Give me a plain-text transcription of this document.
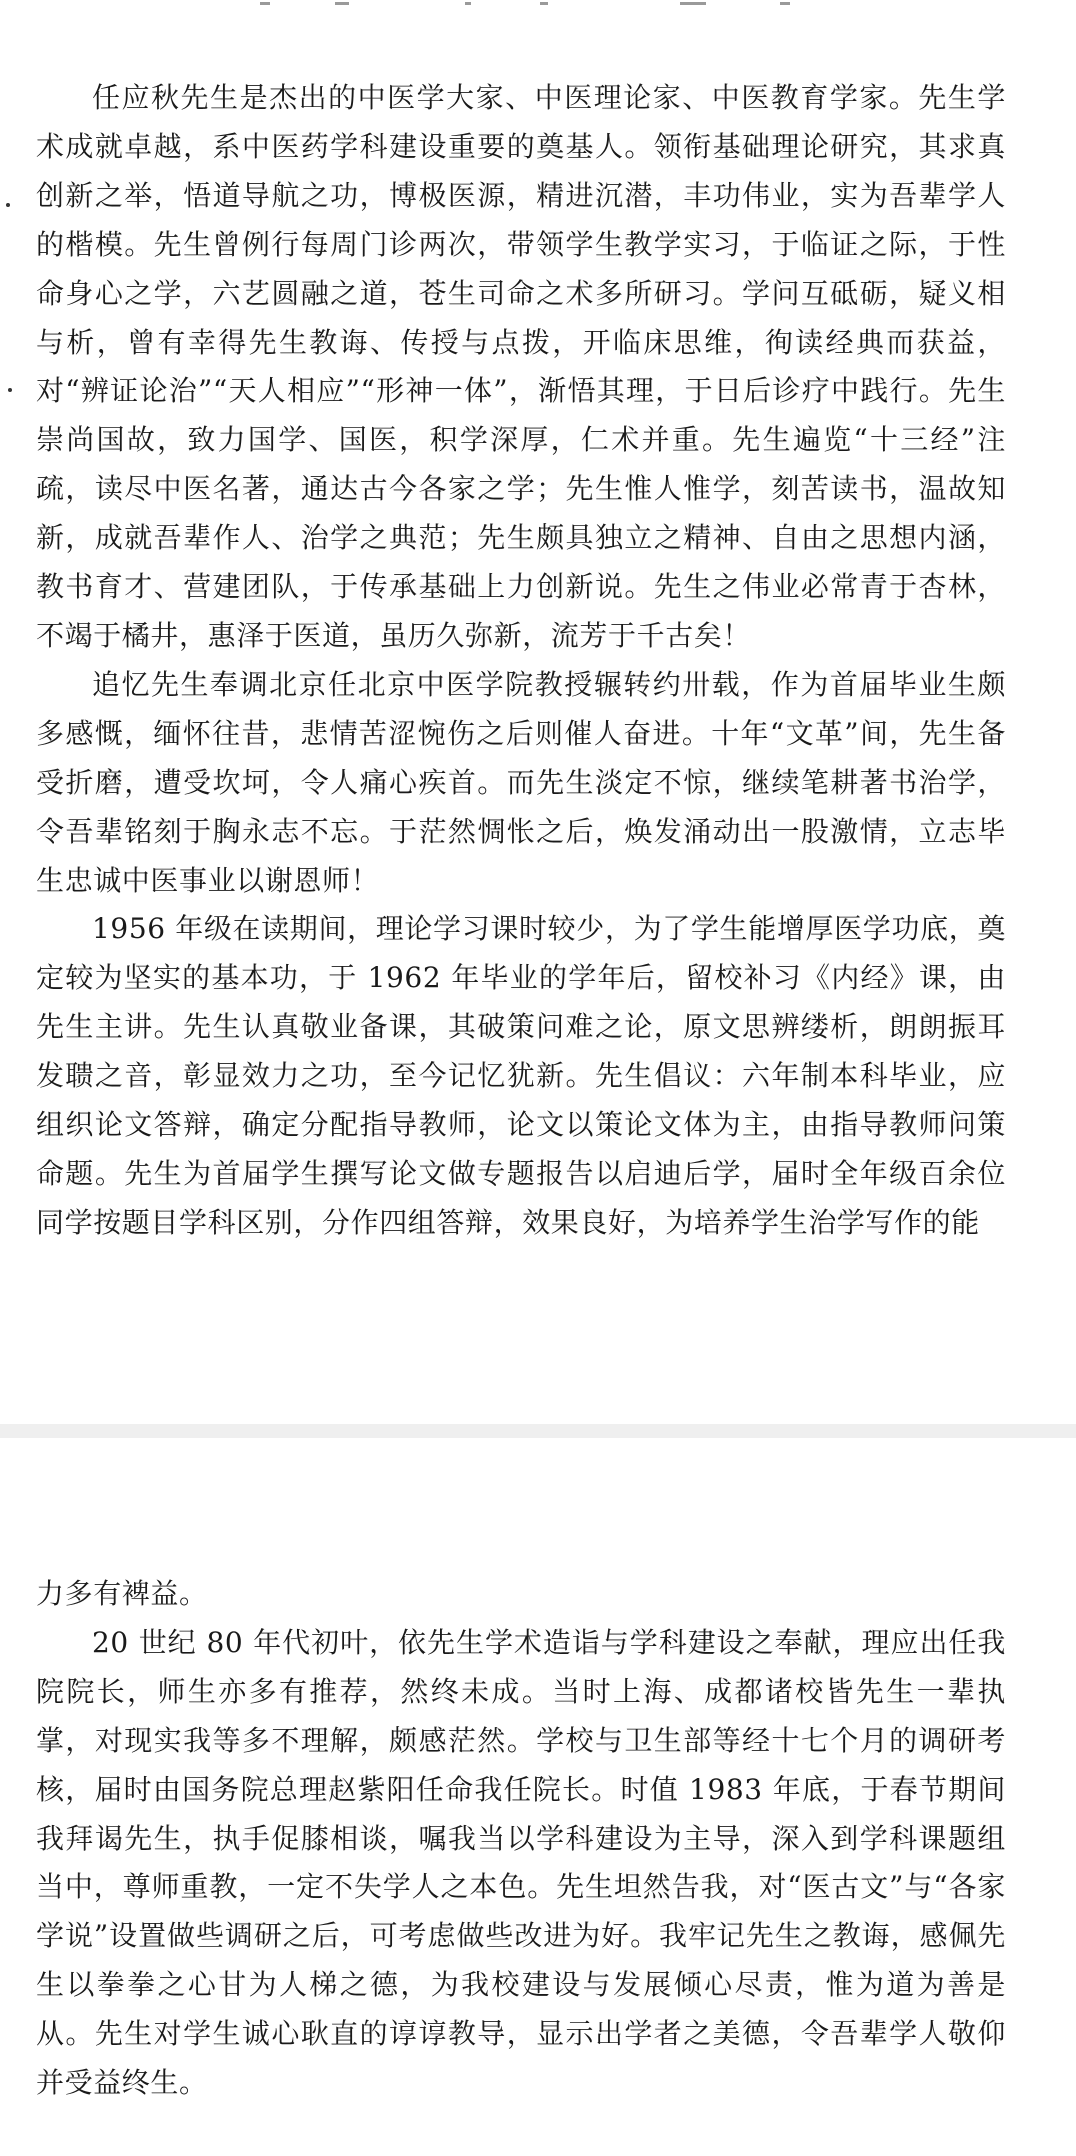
任应秋先生是杰出的中医学大家、中医理论家、中医教育学家。先生学术成就卓越，系中医药学科建设重要的奠基人。领衔基础理论研究，其求真创新之举，悟道导航之功，博极医源，精进沉潜，丰功伟业，实为吾辈学人的楷模。先生曾例行每周门诊两次，带领学生教学实习，于临证之际，于性命身心之学，六艺圆融之道，苍生司命之术多所研习。学问互砥砺，疑义相与析，曾有幸得先生教诲、传授与点拨，开临床思维，徇读经典而获益，对“辨证论治”“天人相应”“形神一体”，渐悟其理，于日后诊疗中践行。先生崇尚国故，致力国学、国医，积学深厚，仁术并重。先生遍览“十三经”注疏，读尽中医名著，通达古今各家之学；先生惟人惟学，刻苦读书，温故知新，成就吾辈作人、治学之典范；先生颇具独立之精神、自由之思想内涵，教书育才、营建团队，于传承基础上力创新说。先生之伟业必常青于杏林，不竭于橘井，惠泽于医道，虽历久弥新，流芳于千古矣！

追忆先生奉调北京任北京中医学院教授辗转约卅载，作为首届毕业生颇多感慨，缅怀往昔，悲情苦涩惋伤之后则催人奋进。十年“文革”间，先生备受折磨，遭受坎坷，令人痛心疾首。而先生淡定不惊，继续笔耕著书治学，令吾辈铭刻于胸永志不忘。于茫然惆怅之后，焕发涌动出一股激情，立志毕生忠诚中医事业以谢恩师！

1956 年级在读期间，理论学习课时较少，为了学生能增厚医学功底，奠定较为坚实的基本功，于 1962 年毕业的学年后，留校补习《内经》课，由先生主讲。先生认真敬业备课，其破策问难之论，原文思辨缕析，朗朗振耳发聩之音，彰显效力之功，至今记忆犹新。先生倡议：六年制本科毕业，应组织论文答辩，确定分配指导教师，论文以策论文体为主，由指导教师问策命题。先生为首届学生撰写论文做专题报告以启迪后学，届时全年级百余位同学按题目学科区别，分作四组答辩，效果良好，为培养学生治学写作的能

力多有裨益。

20 世纪 80 年代初叶，依先生学术造诣与学科建设之奉献，理应出任我院院长，师生亦多有推荐，然终未成。当时上海、成都诸校皆先生一辈执掌，对现实我等多不理解，颇感茫然。学校与卫生部等经十七个月的调研考核，届时由国务院总理赵紫阳任命我任院长。时值 1983 年底，于春节期间我拜谒先生，执手促膝相谈，嘱我当以学科建设为主导，深入到学科课题组当中，尊师重教，一定不失学人之本色。先生坦然告我，对“医古文”与“各家学说”设置做些调研之后，可考虑做些改进为好。我牢记先生之教诲，感佩先生以拳拳之心甘为人梯之德，为我校建设与发展倾心尽责，惟为道为善是从。先生对学生诚心耿直的谆谆教导，显示出学者之美德，令吾辈学人敬仰并受益终生。
